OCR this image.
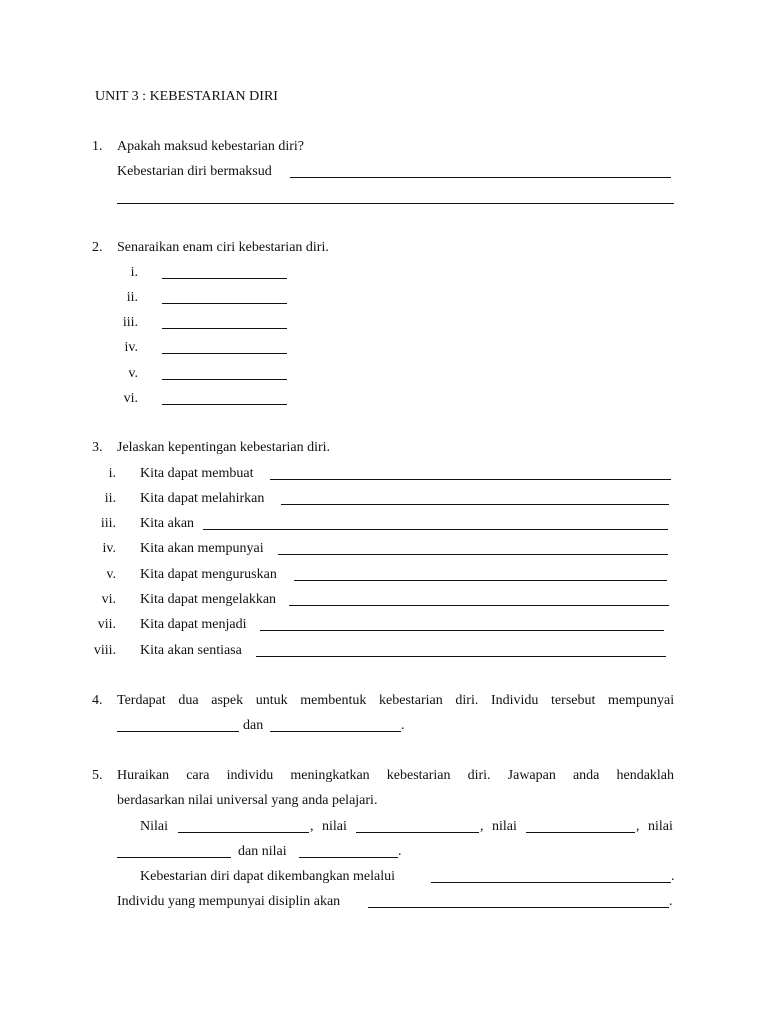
UNIT 3 : KEBESTARIAN DIRI
1. Apakah maksud kebestarian diri?
Kebestarian diri bermaksud
2. Senaraikan enam ciri kebestarian diri.
i.
ii.
iii.
iv.
v.
vi.
3. Jelaskan kepentingan kebestarian diri.
i. Kita dapat membuat
ii. Kita dapat melahirkan
iii. Kita akan
iv. Kita akan mempunyai
v. Kita dapat menguruskan
vi. Kita dapat mengelakkan
vii. Kita dapat menjadi
viii. Kita akan sentiasa
4. Terdapat dua aspek untuk membentuk kebestarian diri. Individu tersebut mempunyai
dan	.
5. Huraikan cara individu meningkatkan kebestarian diri. Jawapan anda hendaklah
berdasarkan nilai universal yang anda pelajari.
Nilai	, nilai	, nilai	, nilai
dan nilai	.
Kebestarian diri dapat dikembangkan melalui	.
Individu yang mempunyai disiplin akan	.
